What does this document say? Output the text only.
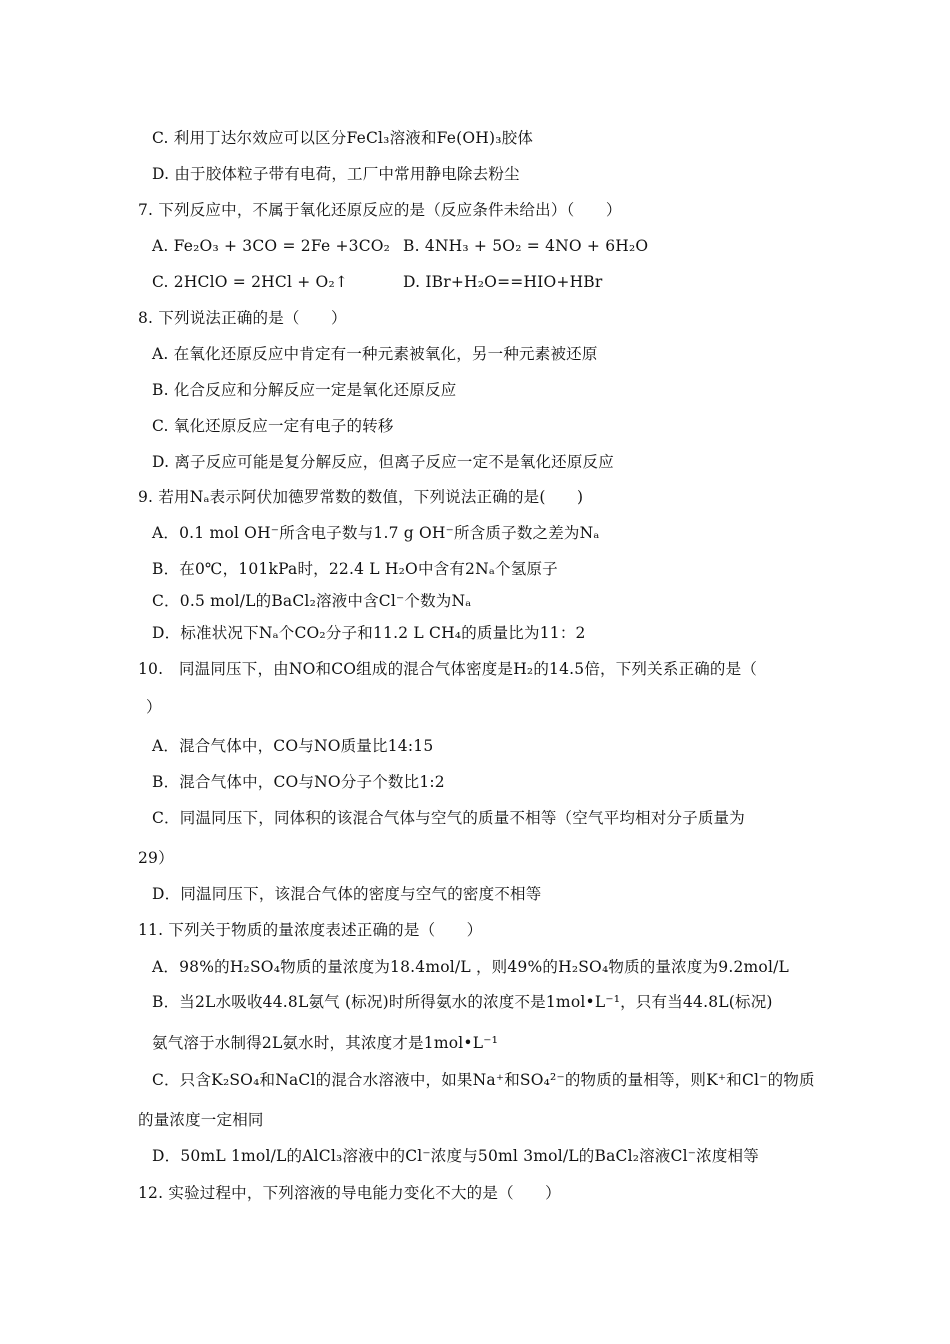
C. 利用丁达尔效应可以区分FeCl₃溶液和Fe(OH)₃胶体
D. 由于胶体粒子带有电荷，工厂中常用静电除去粉尘
7. 下列反应中，不属于氧化还原反应的是（反应条件未给出）（　　）
A. Fe₂O₃ + 3CO = 2Fe +3CO₂ B. 4NH₃ + 5O₂ = 4NO + 6H₂O
C. 2HClO = 2HCl + O₂↑	D. IBr+H₂O==HIO+HBr
8. 下列说法正确的是（　　）
A. 在氧化还原反应中肯定有一种元素被氧化，另一种元素被还原
B. 化合反应和分解反应一定是氧化还原反应
C. 氧化还原反应一定有电子的转移
D. 离子反应可能是复分解反应，但离子反应一定不是氧化还原反应
9. 若用Nₐ表示阿伏加德罗常数的数值，下列说法正确的是(　　)
A．0.1 mol OH⁻所含电子数与1.7 g OH⁻所含质子数之差为Nₐ
B．在0℃，101kPa时，22.4 L H₂O中含有2Nₐ个氢原子
C．0.5 mol/L的BaCl₂溶液中含Cl⁻个数为Nₐ
D．标准状况下Nₐ个CO₂分子和11.2 L CH₄的质量比为11：2
10.　同温同压下，由NO和CO组成的混合气体密度是H₂的14.5倍，下列关系正确的是（
）
A．混合气体中，CO与NO质量比14:15
B．混合气体中，CO与NO分子个数比1:2
C．同温同压下，同体积的该混合气体与空气的质量不相等（空气平均相对分子质量为
29）
D．同温同压下，该混合气体的密度与空气的密度不相等
11. 下列关于物质的量浓度表述正确的是（　　）
A．98%的H₂SO₄物质的量浓度为18.4mol/L ，则49%的H₂SO₄物质的量浓度为9.2mol/L
B．当2L水吸收44.8L氨气 (标况)时所得氨水的浓度不是1mol•L⁻¹，只有当44.8L(标况)
氨气溶于水制得2L氨水时，其浓度才是1mol•L⁻¹
C．只含K₂SO₄和NaCl的混合水溶液中，如果Na⁺和SO₄²⁻的物质的量相等，则K⁺和Cl⁻的物质
的量浓度一定相同
D．50mL 1mol/L的AlCl₃溶液中的Cl⁻浓度与50ml 3mol/L的BaCl₂溶液Cl⁻浓度相等
12. 实验过程中，下列溶液的导电能力变化不大的是（　　）
